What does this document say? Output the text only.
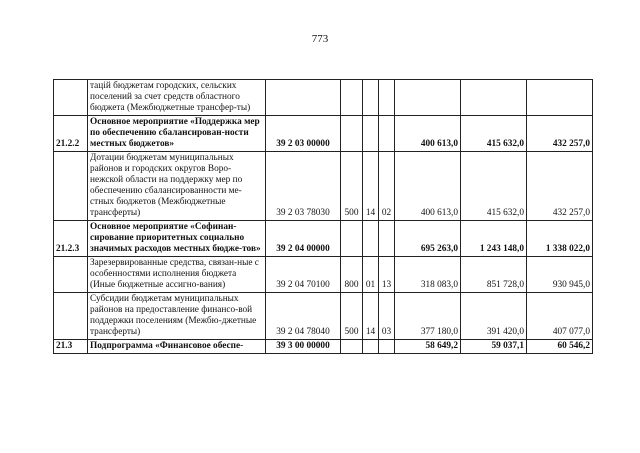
773
	тацій бюджетам городских, сельских поселений за счет средств областного бюджета (Межбюджетные трансфер-ты)							
21.2.2	Основное мероприятие «Поддержка мер по обеспечению сбалансирован-ности местных бюджетов»	39 2 03 00000				400 613,0	415 632,0	432 257,0
	Дотации бюджетам муниципальных районов и городских округов Воро-нежской области на поддержку мер по обеспечению сбалансированности ме-стных бюджетов (Межбюджетные трансферты)	39 2 03 78030	500	14	02	400 613,0	415 632,0	432 257,0
21.2.3	Основное мероприятие «Софинан-сирование приоритетных социально значимых расходов местных бюдже-тов»	39 2 04 00000				695 263,0	1 243 148,0	1 338 022,0
	Зарезервированные средства, связан-ные с особенностями исполнения бюджета (Иные бюджетные ассигно-вания)	39 2 04 70100	800	01	13	318 083,0	851 728,0	930 945,0
	Субсидии бюджетам муниципальных районов на предоставление финансо-вой поддержки поселениям (Межбю-джетные трансферты)	39 2 04 78040	500	14	03	377 180,0	391 420,0	407 077,0
21.3	Подпрограмма «Финансовое обеспе-	39 3 00 00000				58 649,2	59 037,1	60 546,2
